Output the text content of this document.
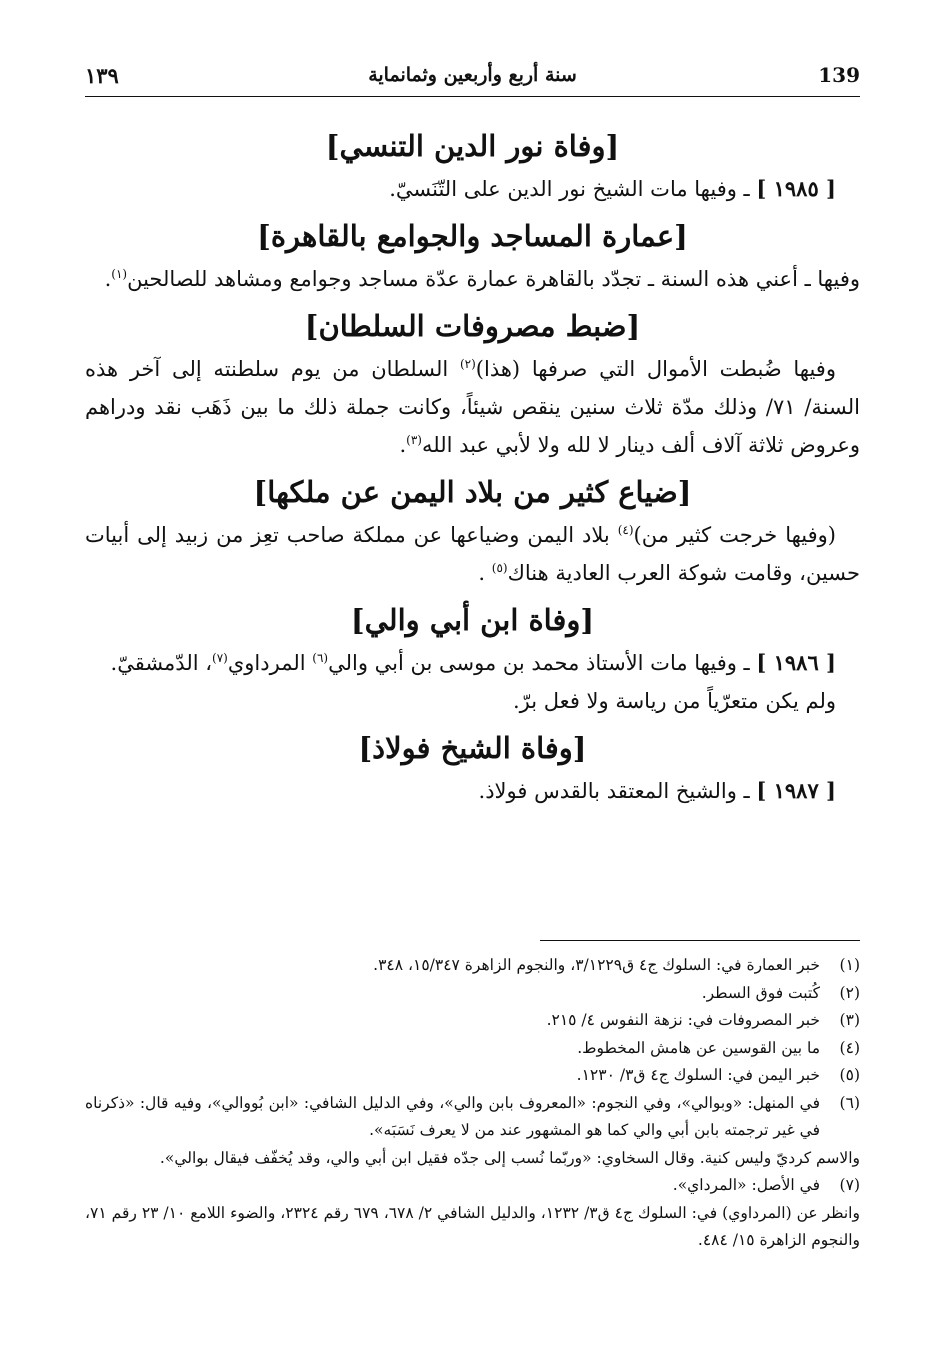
139
سنة أربع وأربعين وثمانماية
١٣٩
[وفاة نور الدين التنسي]

[ ١٩٨٥ ] ـ وفيها مات الشيخ نور الدين على التّنَسيّ.

[عمارة المساجد والجوامع بالقاهرة]

وفيها ـ أعني هذه السنة ـ تجدّد بالقاهرة عمارة عدّة مساجد وجوامع ومشاهد للصالحين$^{(١)}$.

[ضبط مصروفات السلطان]

وفيها ضُبطت الأموال التي صرفها (هذا)$^{(٢)}$ السلطان من يوم سلطنته إلى آخر هذه السنة/ ٧١/ وذلك مدّة ثلاث سنين ينقص شيئاً، وكانت جملة ذلك ما بين ذَهَب نقد ودراهم وعروض ثلاثة آلاف ألف دينار لا لله ولا لأبي عبد الله$^{(٣)}$.

[ضياع كثير من بلاد اليمن عن ملكها]

(وفيها خرجت كثير من)$^{(٤)}$ بلاد اليمن وضياعها عن مملكة صاحب تعِز من زبيد إلى أبيات حسين، وقامت شوكة العرب العادية هناك$^{(٥)}$ .

[وفاة ابن أبي والي]

[ ١٩٨٦ ] ـ وفيها مات الأستاذ محمد بن موسى بن أبي والي$^{(٦)}$ المرداوي$^{(٧)}$، الدّمشقيّ.

ولم يكن متعرّياً من رياسة ولا فعل برّ.

[وفاة الشيخ فولاذ]

[ ١٩٨٧ ] ـ والشيخ المعتقد بالقدس فولاذ.

(١)
خبر العمارة في: السلوك ج٤ ق٣/١٢٢٩، والنجوم الزاهرة ١٥/٣٤٧، ٣٤٨.
(٢)
كُتبت فوق السطر.
(٣)
خبر المصروفات في: نزهة النفوس ٤/ ٢١٥.
(٤)
ما بين القوسين عن هامش المخطوط.
(٥)
خبر اليمن في: السلوك ج٤ ق٣/ ١٢٣٠.
(٦)
في المنهل: «وبوالي»، وفي النجوم: «المعروف بابن والي»، وفي الدليل الشافي: «ابن بُووالي»، وفيه قال: «ذكرناه في غير ترجمته بابن أبي والي كما هو المشهور عند من لا يعرف نَسَبَه».
والاسم كرديّ وليس كنية. وقال السخاوي: «وربّما نُسب إلى جدّه فقيل ابن أبي والي، وقد يُخفّف فيقال بوالي».
(٧)
في الأصل: «المرداي».
وانظر عن (المرداوي) في: السلوك ج٤ ق٣/ ١٢٣٢، والدليل الشافي ٢/ ٦٧٨، ٦٧٩ رقم ٢٣٢٤، والضوء اللامع ١٠/ ٢٣ رقم ٧١، والنجوم الزاهرة ١٥/ ٤٨٤.
